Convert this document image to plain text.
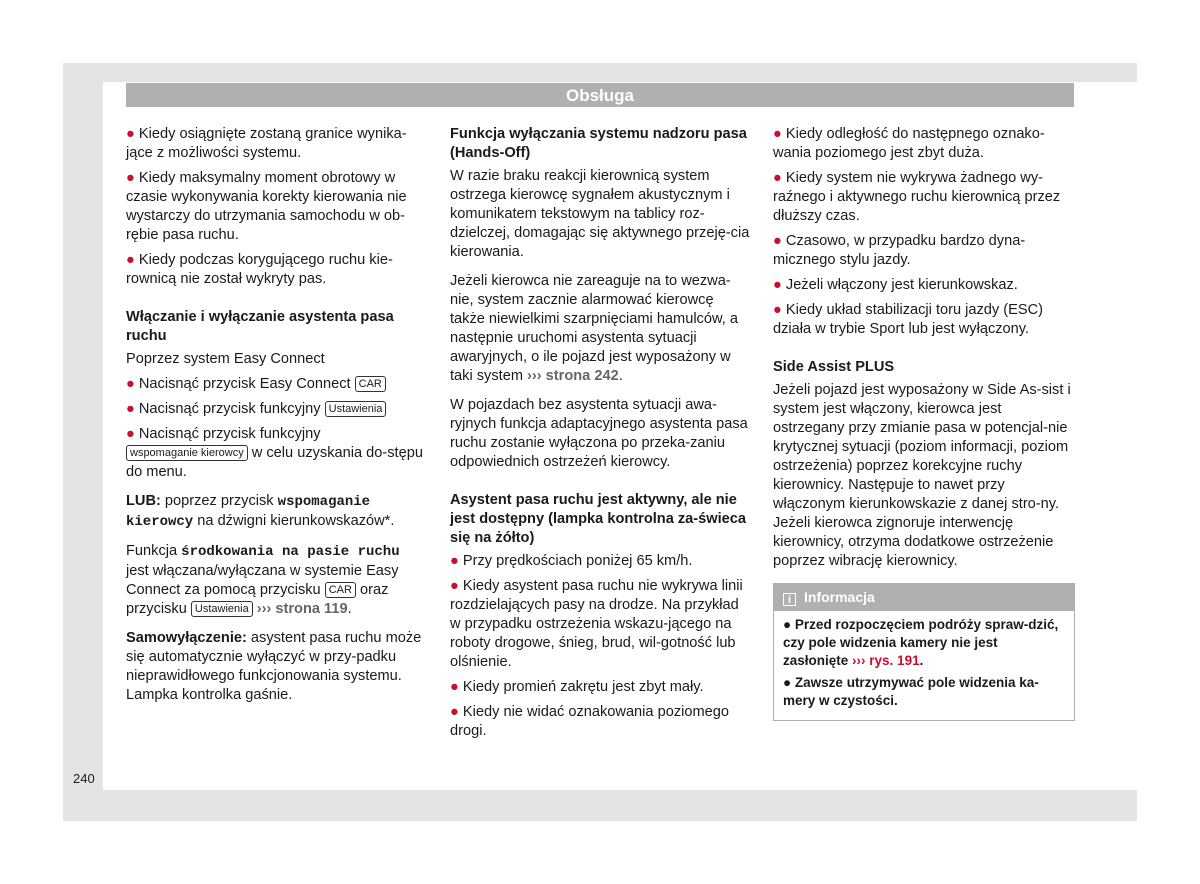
Obsługa
● Kiedy osiągnięte zostaną granice wynika-jące z możliwości systemu.
● Kiedy maksymalny moment obrotowy w czasie wykonywania korekty kierowania nie wystarczy do utrzymania samochodu w ob-rębie pasa ruchu.
● Kiedy podczas korygującego ruchu kie-rownicą nie został wykryty pas.
Włączanie i wyłączanie asystenta pasa ruchu
Poprzez system Easy Connect
● Nacisnąć przycisk Easy Connect CAR
● Nacisnąć przycisk funkcyjny Ustawienia
● Nacisnąć przycisk funkcyjny
wspomaganie kierowcy w celu uzyskania do-stępu do menu.
LUB: poprzez przycisk wspomaganie kierowcy na dźwigni kierunkowskazów*.
Funkcja środkowania na pasie ruchu jest włączana/wyłączana w systemie Easy Connect za pomocą przycisku CAR oraz przycisku Ustawienia ››› strona 119.
Samowyłączenie: asystent pasa ruchu może się automatycznie wyłączyć w przy-padku nieprawidłowego funkcjonowania systemu. Lampka kontrolka gaśnie.
Funkcja wyłączania systemu nadzoru pasa (Hands-Off)
W razie braku reakcji kierownicą system ostrzega kierowcę sygnałem akustycznym i komunikatem tekstowym na tablicy roz-dzielczej, domagając się aktywnego przeję-cia kierowania.
Jeżeli kierowca nie zareaguje na to wezwa-nie, system zacznie alarmować kierowcę także niewielkimi szarpnięciami hamulców, a następnie uruchomi asystenta sytuacji awaryjnych, o ile pojazd jest wyposażony w taki system ››› strona 242.
W pojazdach bez asystenta sytuacji awa-ryjnych funkcja adaptacyjnego asystenta pasa ruchu zostanie wyłączona po przeka-zaniu odpowiednich ostrzeżeń kierowcy.
Asystent pasa ruchu jest aktywny, ale nie jest dostępny (lampka kontrolna za-świeca się na żółto)
● Przy prędkościach poniżej 65 km/h.
● Kiedy asystent pasa ruchu nie wykrywa linii rozdzielających pasy na drodze. Na przykład w przypadku ostrzeżenia wskazu-jącego na roboty drogowe, śnieg, brud, wil-gotność lub olśnienie.
● Kiedy promień zakrętu jest zbyt mały.
● Kiedy nie widać oznakowania poziomego drogi.
● Kiedy odległość do następnego oznako-wania poziomego jest zbyt duża.
● Kiedy system nie wykrywa żadnego wy-raźnego i aktywnego ruchu kierownicą przez dłuższy czas.
● Czasowo, w przypadku bardzo dyna-micznego stylu jazdy.
● Jeżeli włączony jest kierunkowskaz.
● Kiedy układ stabilizacji toru jazdy (ESC) działa w trybie Sport lub jest wyłączony.
Side Assist PLUS
Jeżeli pojazd jest wyposażony w Side As-sist i system jest włączony, kierowca jest ostrzegany przy zmianie pasa w potencjal-nie krytycznej sytuacji (poziom informacji, poziom ostrzeżenia) poprzez korekcyjne ruchy kierownicy. Następuje to nawet przy włączonym kierunkowskazie z danej stro-ny. Jeżeli kierowca zignoruje interwencję kierownicy, otrzyma dodatkowe ostrzeżenie poprzez wibrację kierownicy.
i Informacja
● Przed rozpoczęciem podróży spraw-dzić, czy pole widzenia kamery nie jest zasłonięte ››› rys. 191.
● Zawsze utrzymywać pole widzenia ka-mery w czystości.
240
